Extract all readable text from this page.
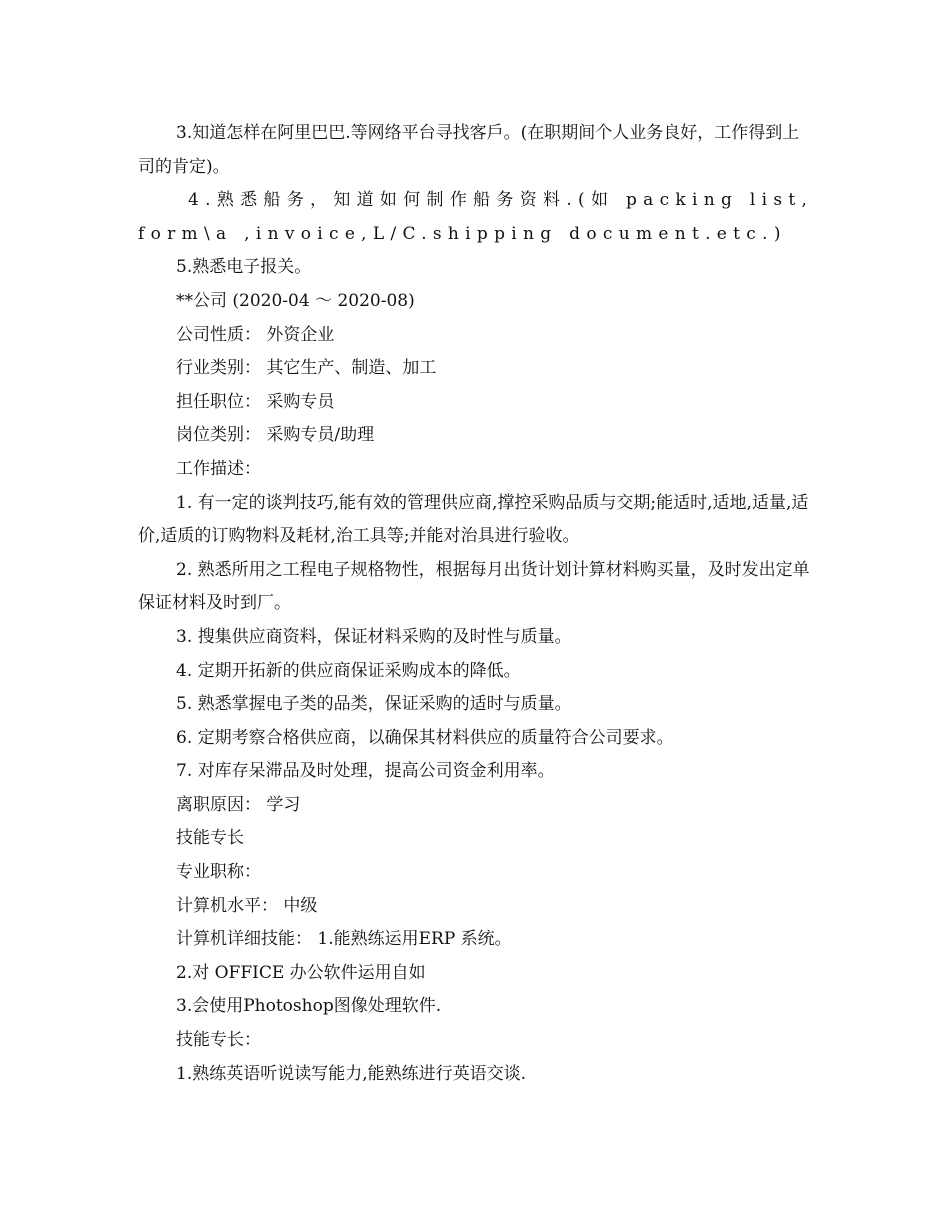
3.知道怎样在阿里巴巴.等网络平台寻找客戶。(在职期间个人业务良好，工作得到上司的肯定)。

4.熟悉船务，知道如何制作船务资料.(如 packing list, form\a ,invoice,L/C.shipping document.etc.)

5.熟悉电子报关。

**公司 (2020-04 ～ 2020-08)

公司性质： 外资企业

行业类别： 其它生产、制造、加工

担任职位： 采购专员

岗位类别： 采购专员/助理

工作描述：

1. 有一定的谈判技巧,能有效的管理供应商,撑控采购品质与交期;能适时,适地,适量,适价,适质的订购物料及耗材,治工具等;并能对治具进行验收。

2. 熟悉所用之工程电子规格物性，根据每月出货计划计算材料购买量，及时发出定单保证材料及时到厂。

3. 搜集供应商资料，保证材料采购的及时性与质量。

4. 定期开拓新的供应商保证采购成本的降低。

5. 熟悉掌握电子类的品类，保证采购的适时与质量。

6. 定期考察合格供应商，以确保其材料供应的质量符合公司要求。

7. 对库存呆滞品及时处理，提高公司资金利用率。

离职原因： 学习

技能专长

专业职称：

计算机水平： 中级

计算机详细技能： 1.能熟练运用ERP 系统。

2.对 OFFICE 办公软件运用自如

3.会使用Photoshop图像处理软件.

技能专长：

1.熟练英语听说读写能力,能熟练进行英语交谈.
